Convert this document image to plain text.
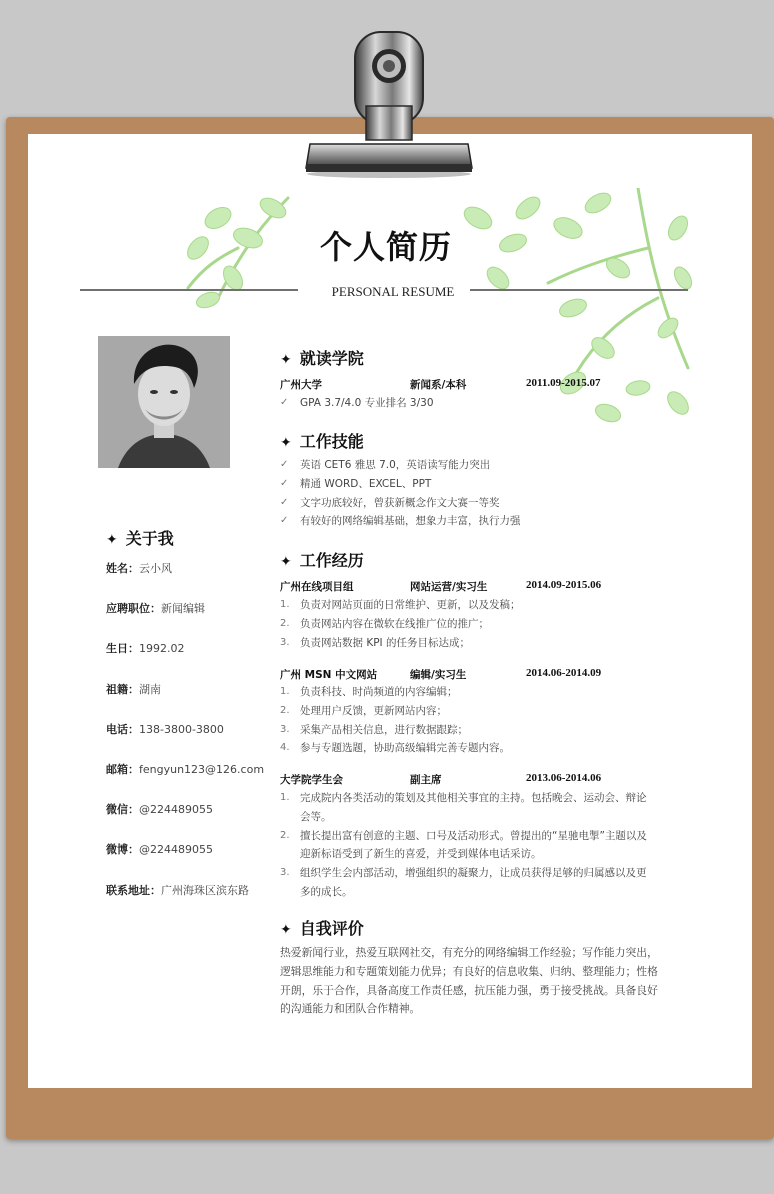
个人简历
PERSONAL RESUME
✦ 关于我
姓名：云小风
应聘职位：新闻编辑
生日：1992.02
祖籍：湖南
电话：138-3800-3800
邮箱：fengyun123@126.com
微信：@224489055
微博：@224489055
联系地址：广州海珠区滨东路
✦ 就读学院
广州大学	新闻系/本科	2011.09-2015.07
✓ GPA 3.7/4.0 专业排名 3/30
✦ 工作技能
✓ 英语 CET6 雅思 7.0，英语读写能力突出
✓ 精通 WORD、EXCEL、PPT
✓ 文字功底较好，曾获新概念作文大赛一等奖
✓ 有较好的网络编辑基础，想象力丰富，执行力强
✦ 工作经历
广州在线项目组	网站运营/实习生	2014.09-2015.06
1. 负责对网站页面的日常维护、更新，以及发稿；
2. 负责网站内容在微软在线推广位的推广；
3. 负责网站数据 KPI 的任务目标达成；
广州 MSN 中文网站	编辑/实习生	2014.06-2014.09
1. 负责科技、时尚频道的内容编辑；
2. 处理用户反馈，更新网站内容；
3. 采集产品相关信息，进行数据跟踪；
4. 参与专题选题，协助高级编辑完善专题内容。
大学院学生会	副主席	2013.06-2014.06
1. 完成院内各类活动的策划及其他相关事宜的主持。包括晚会、运动会、辩论会等。
2. 擅长提出富有创意的主题、口号及活动形式。曾提出的“星驰电掣”主题以及迎新标语受到了新生的喜爱，并受到媒体电话采访。
3. 组织学生会内部活动，增强组织的凝聚力，让成员获得足够的归属感以及更多的成长。
✦ 自我评价
热爱新闻行业，热爱互联网社交，有充分的网络编辑工作经验；写作能力突出，逻辑思维能力和专题策划能力优异；有良好的信息收集、归纳、整理能力；性格开朗，乐于合作，具备高度工作责任感，抗压能力强，勇于接受挑战。具备良好的沟通能力和团队合作精神。
